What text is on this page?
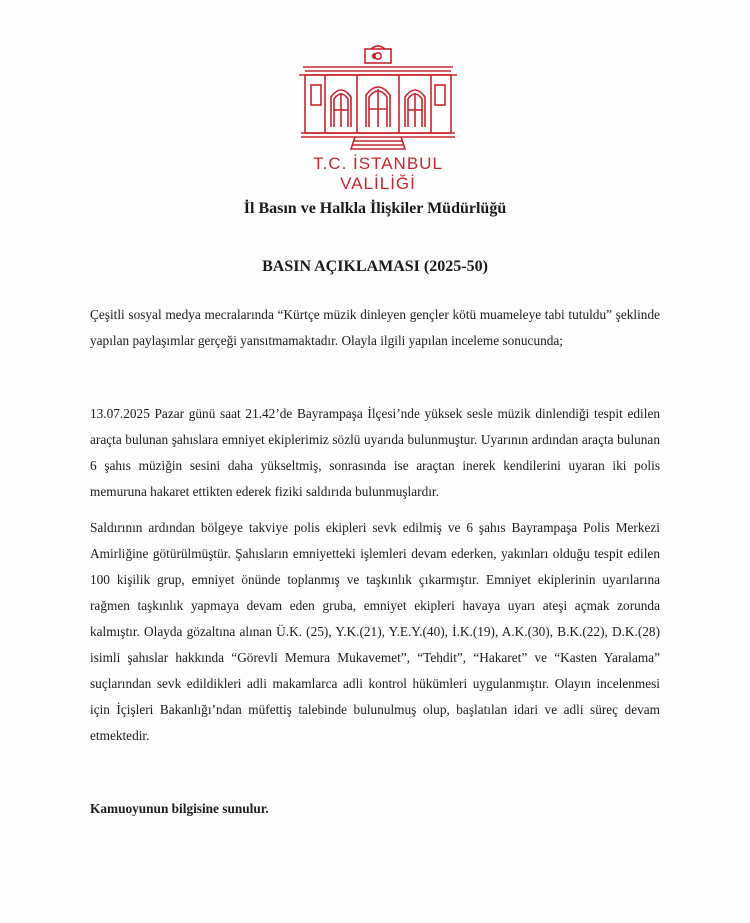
T.C. İSTANBUL VALİLİĞİ
İl Basın ve Halkla İlişkiler Müdürlüğü
BASIN AÇIKLAMASI (2025-50)

Çeşitli sosyal medya mecralarında “Kürtçe müzik dinleyen gençler kötü muameleye tabi tutuldu” şeklinde yapılan paylaşımlar gerçeği yansıtmamaktadır. Olayla ilgili yapılan inceleme sonucunda;

13.07.2025 Pazar günü saat 21.42’de Bayrampaşa İlçesi’nde yüksek sesle müzik dinlendiği tespit edilen araçta bulunan şahıslara emniyet ekiplerimiz sözlü uyarıda bulunmuştur. Uyarının ardından araçta bulunan 6 şahıs müziğin sesini daha yükseltmiş, sonrasında ise araçtan inerek kendilerini uyaran iki polis memuruna hakaret ettikten ederek fiziki saldırıda bulunmuşlardır.

Saldırının ardından bölgeye takviye polis ekipleri sevk edilmiş ve 6 şahıs Bayrampaşa Polis Merkezi Amirliğine götürülmüştür. Şahısların emniyetteki işlemleri devam ederken, yakınları olduğu tespit edilen 100 kişilik grup, emniyet önünde toplanmış ve taşkınlık çıkarmıştır. Emniyet ekiplerinin uyarılarına rağmen taşkınlık yapmaya devam eden gruba, emniyet ekipleri havaya uyarı ateşi açmak zorunda kalmıştır. Olayda gözaltına alınan Ü.K. (25), Y.K.(21), Y.E.Y.(40), İ.K.(19), A.K.(30), B.K.(22), D.K.(28) isimli şahıslar hakkında “Görevli Memura Mukavemet”, “Tehdit”, “Hakaret” ve “Kasten Yaralama” suçlarından sevk edildikleri adli makamlarca adli kontrol hükümleri uygulanmıştır. Olayın incelenmesi için İçişleri Bakanlığı’ndan müfettiş talebinde bulunulmuş olup, başlatılan idari ve adli süreç devam etmektedir.

Kamuoyunun bilgisine sunulur.
